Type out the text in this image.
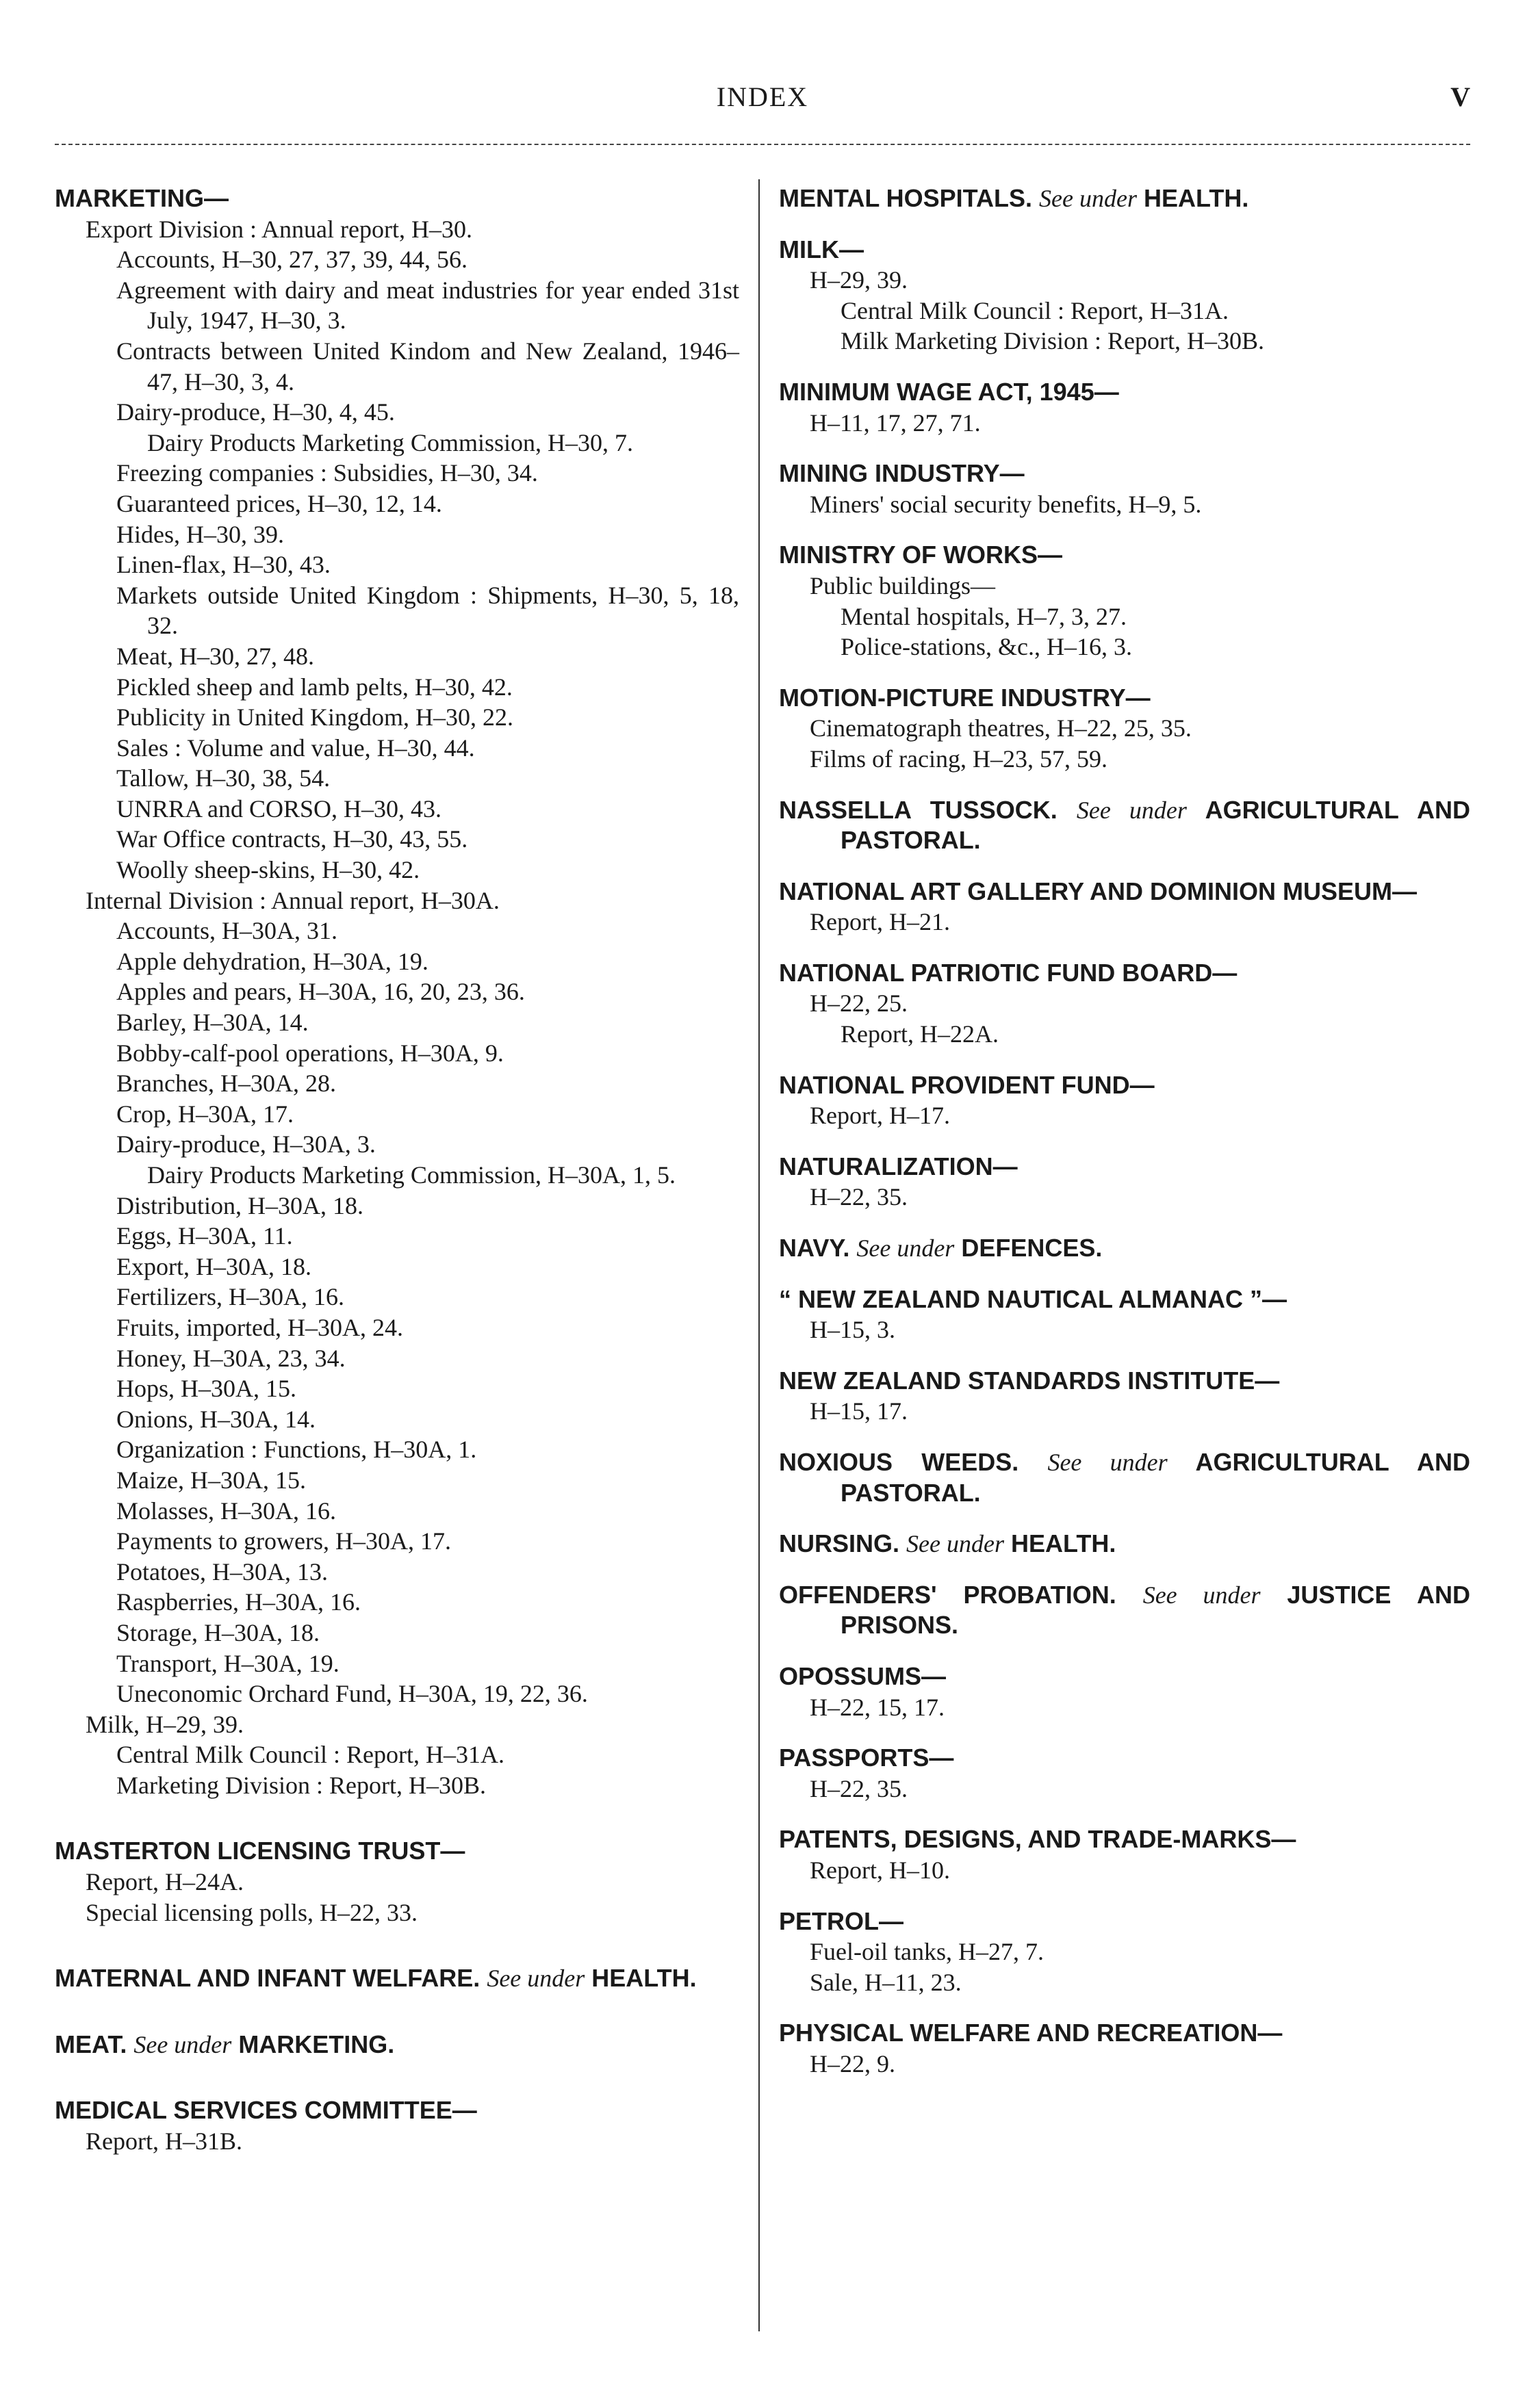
INDEX	V
MARKETING—
Export Division : Annual report, H–30.
Accounts, H–30, 27, 37, 39, 44, 56.
Agreement with dairy and meat industries for year ended 31st July, 1947, H–30, 3.
Contracts between United Kindom and New Zealand, 1946–47, H–30, 3, 4.
Dairy-produce, H–30, 4, 45.
Dairy Products Marketing Commission, H–30, 7.
Freezing companies : Subsidies, H–30, 34.
Guaranteed prices, H–30, 12, 14.
Hides, H–30, 39.
Linen-flax, H–30, 43.
Markets outside United Kingdom : Shipments, H–30, 5, 18, 32.
Meat, H–30, 27, 48.
Pickled sheep and lamb pelts, H–30, 42.
Publicity in United Kingdom, H–30, 22.
Sales : Volume and value, H–30, 44.
Tallow, H–30, 38, 54.
UNRRA and CORSO, H–30, 43.
War Office contracts, H–30, 43, 55.
Woolly sheep-skins, H–30, 42.
Internal Division : Annual report, H–30A.
Accounts, H–30A, 31.
Apple dehydration, H–30A, 19.
Apples and pears, H–30A, 16, 20, 23, 36.
Barley, H–30A, 14.
Bobby-calf-pool operations, H–30A, 9.
Branches, H–30A, 28.
Crop, H–30A, 17.
Dairy-produce, H–30A, 3.
Dairy Products Marketing Commission, H–30A, 1, 5.
Distribution, H–30A, 18.
Eggs, H–30A, 11.
Export, H–30A, 18.
Fertilizers, H–30A, 16.
Fruits, imported, H–30A, 24.
Honey, H–30A, 23, 34.
Hops, H–30A, 15.
Onions, H–30A, 14.
Organization : Functions, H–30A, 1.
Maize, H–30A, 15.
Molasses, H–30A, 16.
Payments to growers, H–30A, 17.
Potatoes, H–30A, 13.
Raspberries, H–30A, 16.
Storage, H–30A, 18.
Transport, H–30A, 19.
Uneconomic Orchard Fund, H–30A, 19, 22, 36.
Milk, H–29, 39.
Central Milk Council : Report, H–31A.
Marketing Division : Report, H–30B.
MASTERTON LICENSING TRUST—
Report, H–24A.
Special licensing polls, H–22, 33.
MATERNAL AND INFANT WELFARE. See under HEALTH.
MEAT. See under MARKETING.
MEDICAL SERVICES COMMITTEE—
Report, H–31B.
MENTAL HOSPITALS. See under HEALTH.
MILK—
H–29, 39.
Central Milk Council : Report, H–31A.
Milk Marketing Division : Report, H–30B.
MINIMUM WAGE ACT, 1945—
H–11, 17, 27, 71.
MINING INDUSTRY—
Miners' social security benefits, H–9, 5.
MINISTRY OF WORKS—
Public buildings—
Mental hospitals, H–7, 3, 27.
Police-stations, &c., H–16, 3.
MOTION-PICTURE INDUSTRY—
Cinematograph theatres, H–22, 25, 35.
Films of racing, H–23, 57, 59.
NASSELLA TUSSOCK. See under AGRICULTURAL AND PASTORAL.
NATIONAL ART GALLERY AND DOMINION MUSEUM—
Report, H–21.
NATIONAL PATRIOTIC FUND BOARD—
H–22, 25.
Report, H–22A.
NATIONAL PROVIDENT FUND—
Report, H–17.
NATURALIZATION—
H–22, 35.
NAVY. See under DEFENCES.
“ NEW ZEALAND NAUTICAL ALMANAC ”—
H–15, 3.
NEW ZEALAND STANDARDS INSTITUTE—
H–15, 17.
NOXIOUS WEEDS. See under AGRICULTURAL AND PASTORAL.
NURSING. See under HEALTH.
OFFENDERS' PROBATION. See under JUSTICE AND PRISONS.
OPOSSUMS—
H–22, 15, 17.
PASSPORTS—
H–22, 35.
PATENTS, DESIGNS, AND TRADE-MARKS—
Report, H–10.
PETROL—
Fuel-oil tanks, H–27, 7.
Sale, H–11, 23.
PHYSICAL WELFARE AND RECREATION—
H–22, 9.
